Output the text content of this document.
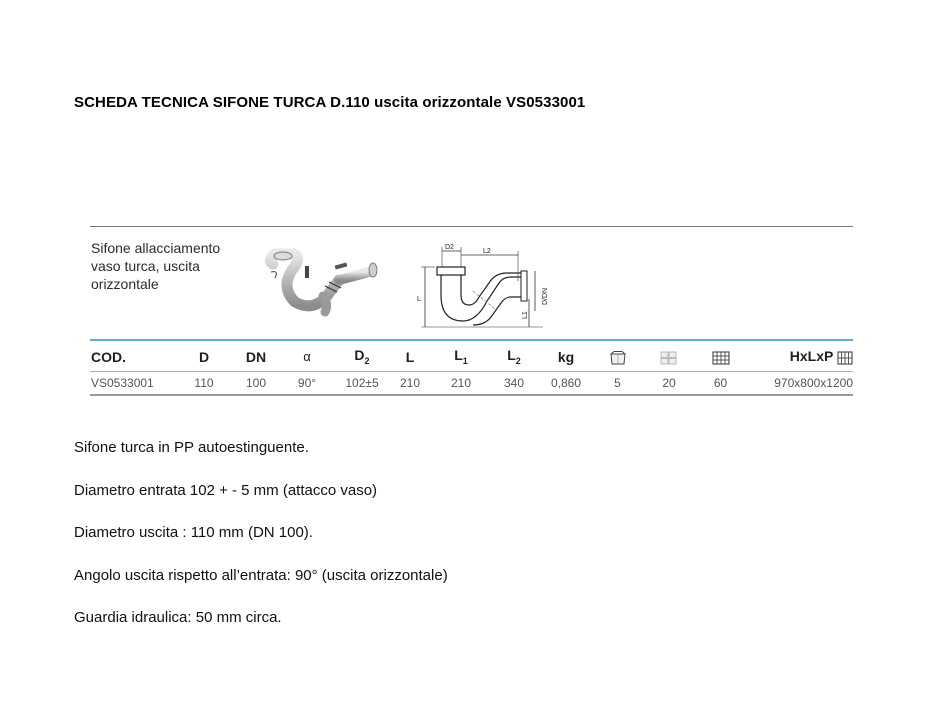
SCHEDA TECNICA SIFONE TURCA D.110 uscita orizzontale VS0533001
Sifone allacciamento
vaso turca, uscita
orizzontale
D2
L2
L
L1
D/DN
COD.	D	DN	α	$D_2$	L	$L_1$	$L_2$	kg				HxLxP
VS0533001	110	100	90°	102±5	210	210	340	0,860	5	20	60	970x800x1200
Sifone turca in PP autoestinguente.
Diametro entrata 102 + - 5 mm (attacco vaso)
Diametro uscita : 110 mm (DN 100).
Angolo uscita rispetto all’entrata: 90° (uscita orizzontale)
Guardia idraulica: 50 mm circa.
